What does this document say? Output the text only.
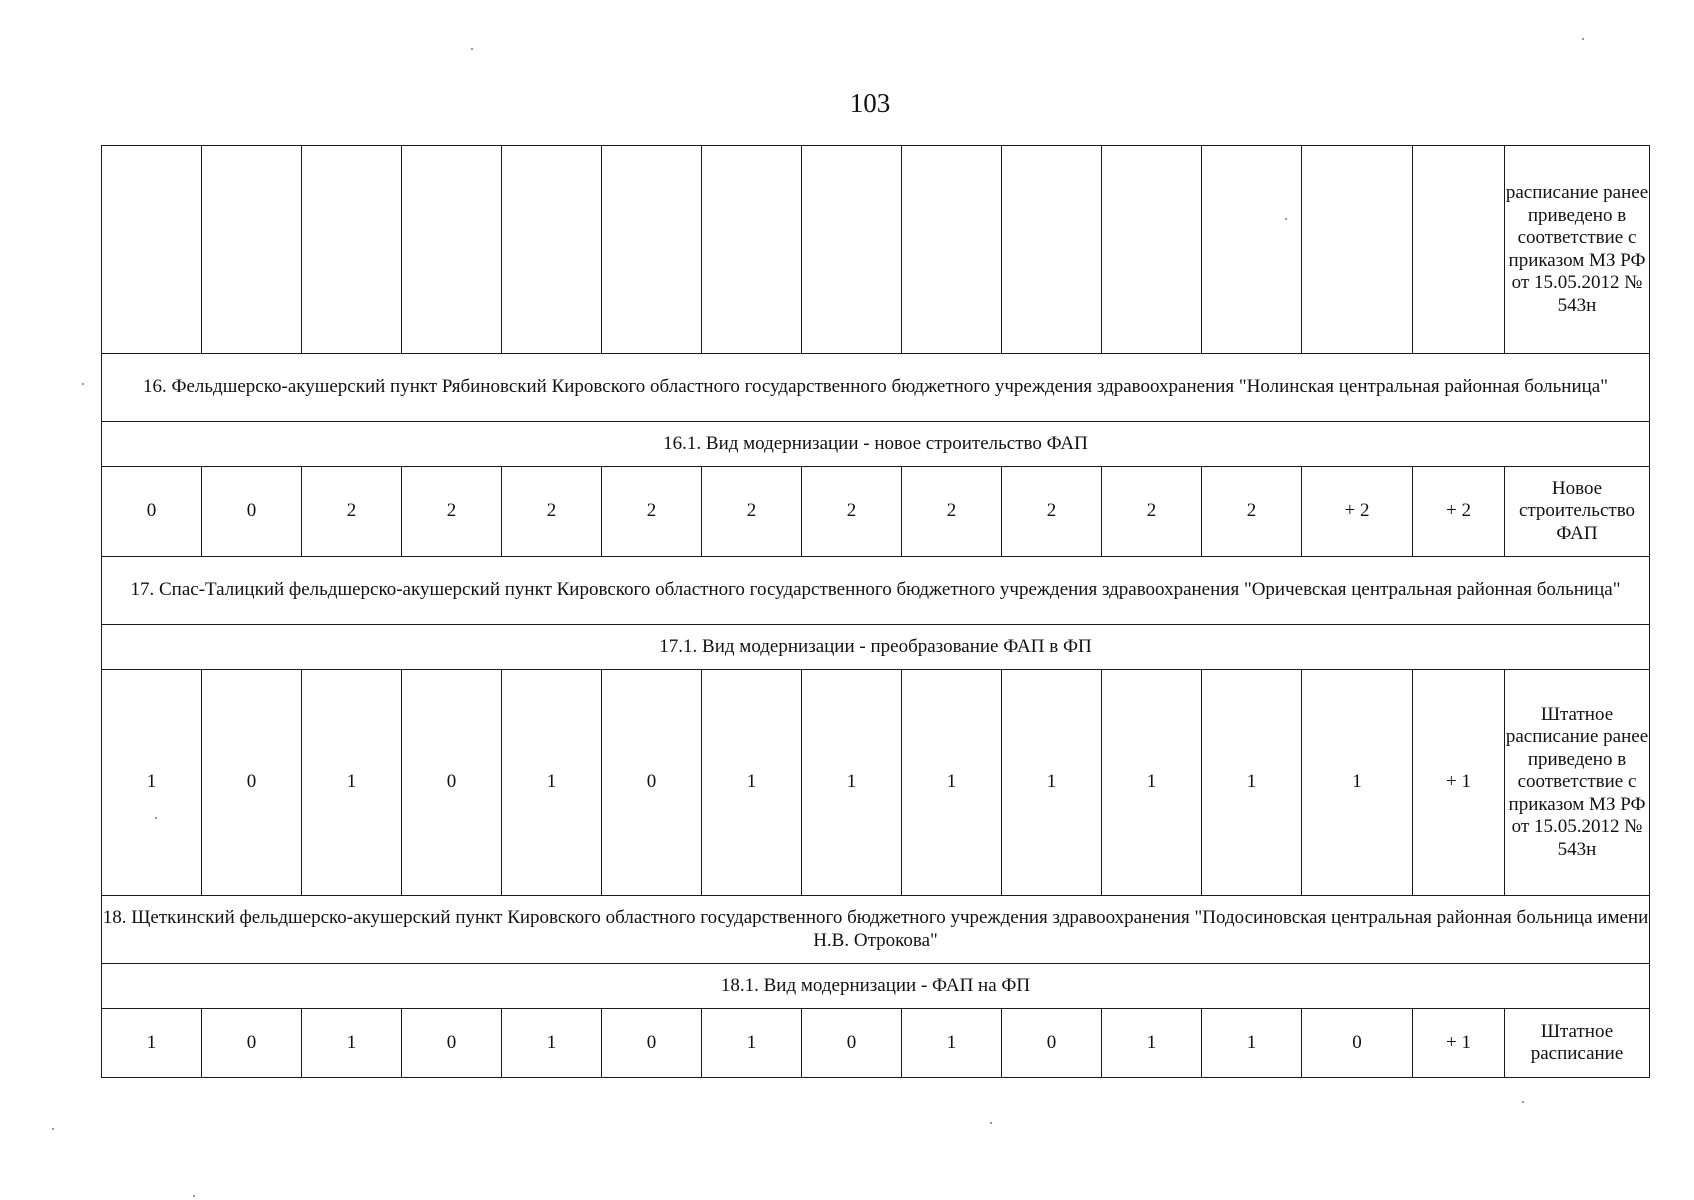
103
														расписание ранее приведено в соответствие с приказом МЗ РФ от 15.05.2012 № 543н
16. Фельдшерско-акушерский пункт Рябиновский Кировского областного государственного бюджетного учреждения здравоохранения "Нолинская центральная районная больница"														
16.1. Вид модернизации - новое строительство ФАП														
0	0	2	2	2	2	2	2	2	2	2	2	+ 2	+ 2	Новое строительство ФАП
17. Спас-Талицкий фельдшерско-акушерский пункт Кировского областного государственного бюджетного учреждения здравоохранения "Оричевская центральная районная больница"														
17.1. Вид модернизации - преобразование ФАП в ФП														
1	0	1	0	1	0	1	1	1	1	1	1	1	+ 1	Штатное расписание ранее приведено в соответствие с приказом МЗ РФ от 15.05.2012 № 543н
18. Щеткинский фельдшерско-акушерский пункт Кировского областного государственного бюджетного учреждения здравоохранения "Подосиновская центральная районная больница имени Н.В. Отрокова"														
18.1. Вид модернизации - ФАП на ФП														
1	0	1	0	1	0	1	0	1	0	1	1	0	+ 1	Штатное расписание
